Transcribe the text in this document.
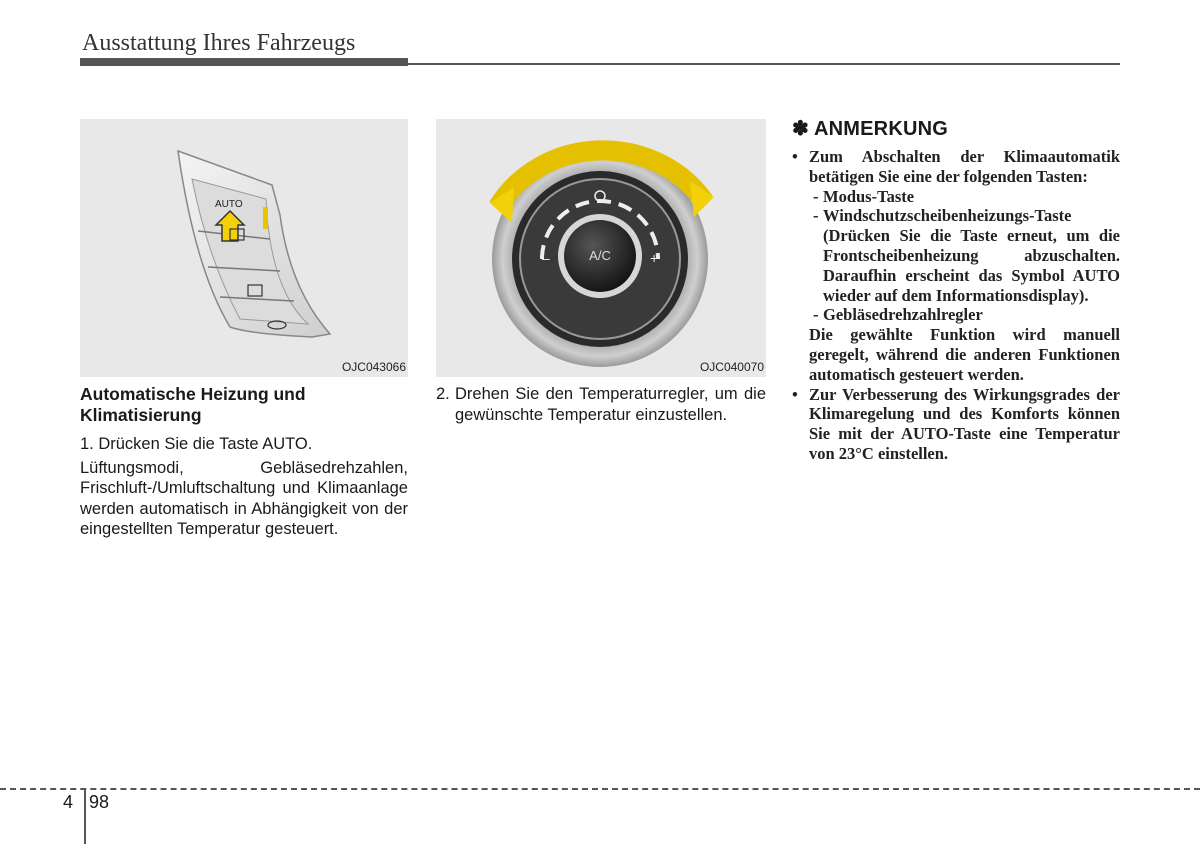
Ausstattung Ihres Fahrzeugs
AUTO
OJC043066
A/C
–	+
OJC040070
Automatische Heizung und Klimatisierung
1. Drücken Sie die Taste AUTO.

Lüftungsmodi, Gebläsedrehzahlen, Frischluft-/Umluftschaltung und Klimaanlage werden automatisch in Abhängigkeit von der eingestellten Temperatur gesteuert.

2.	Drehen Sie den Temperaturregler, um die gewünschte Temperatur einzustellen.
✽ ANMERKUNG
•	Zum Abschalten der Klimaautomatik betätigen Sie eine der folgenden Tasten:
-	Modus-Taste
-	Windschutzscheibenheizungs-Taste (Drücken Sie die Taste erneut, um die Frontscheibenheizung abzuschalten. Daraufhin erscheint das Symbol AUTO wieder auf dem Informationsdisplay).
-	Gebläsedrehzahlregler
Die gewählte Funktion wird manuell geregelt, während die anderen Funktionen automatisch gesteuert werden.
•	Zur Verbesserung des Wirkungsgrades der Klimaregelung und des Komforts können Sie mit der AUTO-Taste eine Temperatur von 23°C einstellen.
4 98
